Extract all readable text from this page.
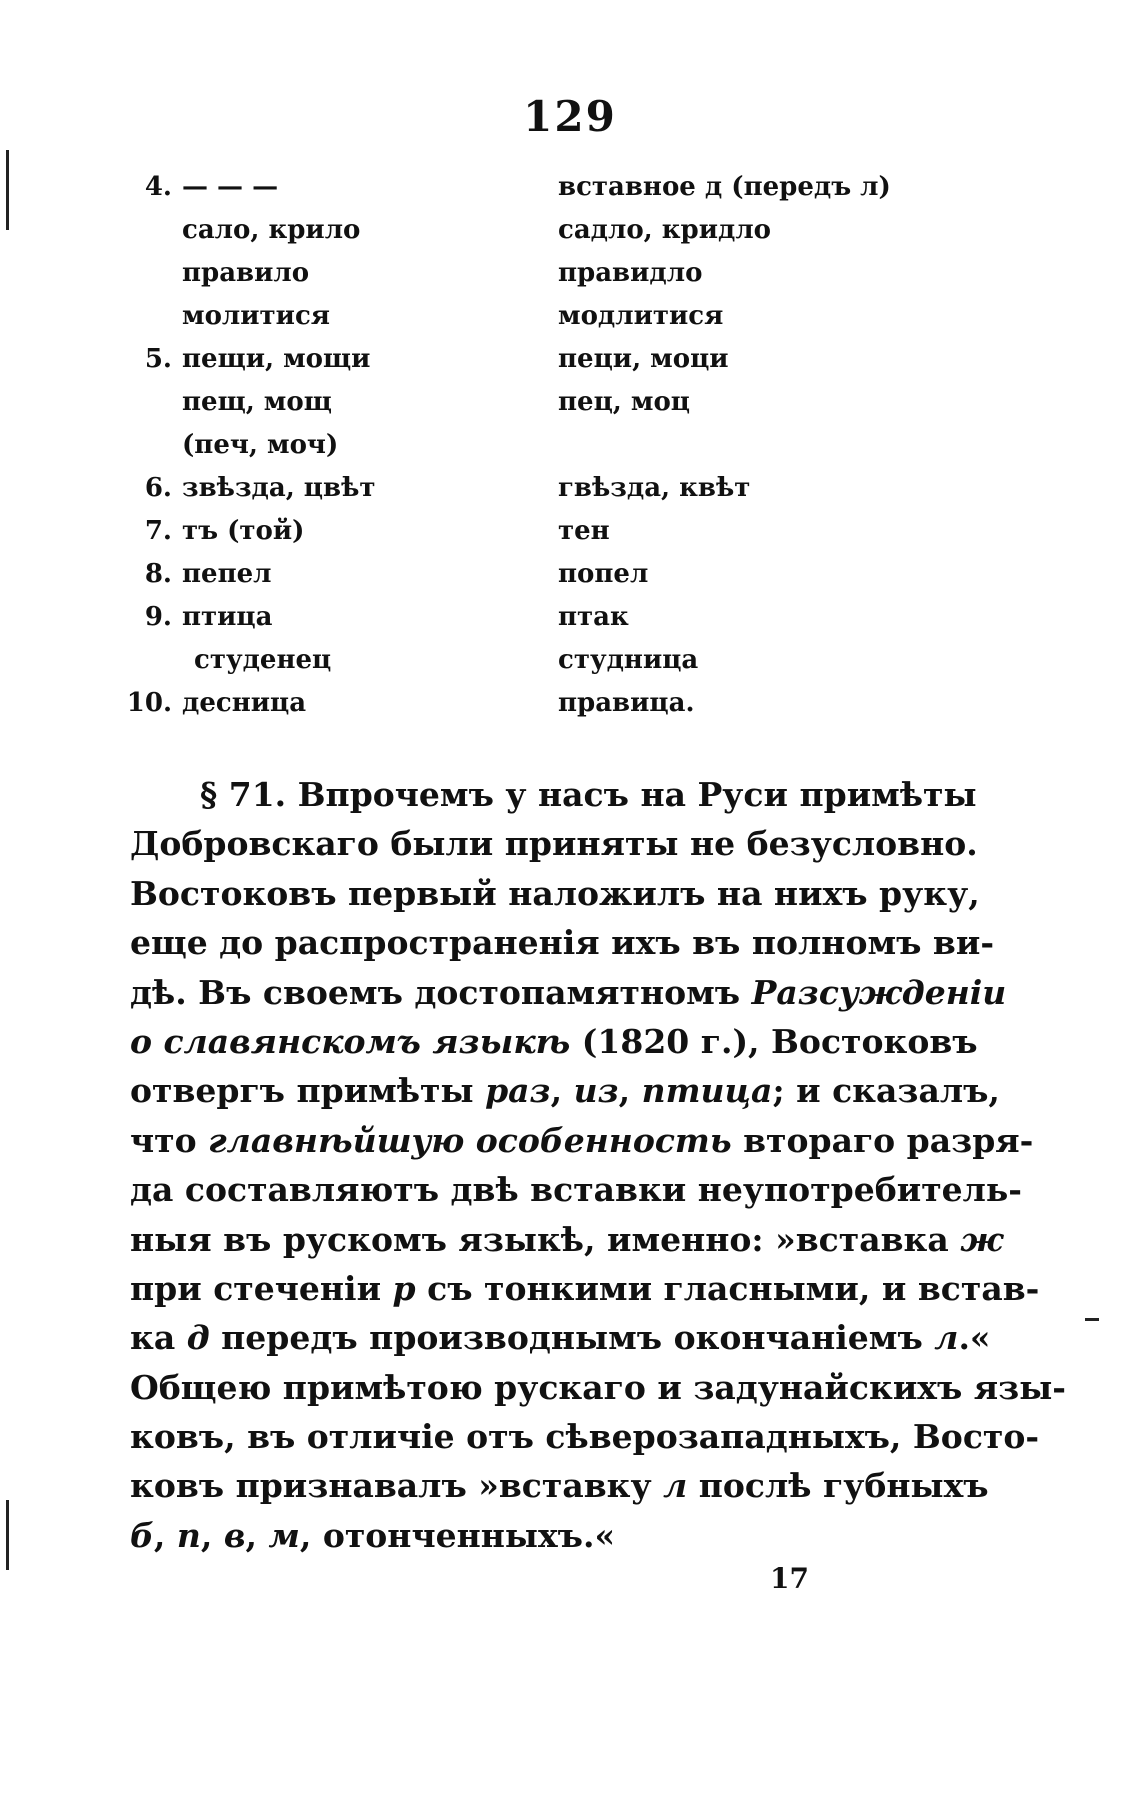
129
4. — — —	вставное д (передъ л)
сало, крило	садло, кридло
правило	правидло
молитися	модлитися
5. пещи, мощи	пеци, моци
пещ, мощ	пец, моц
(печ, моч)
6. звѣзда, цвѣт	гвѣзда, квѣт
7. тъ (той)	тен
8. пепел	попел
9. птица	птак
студенец	студница
10. десница	правица.
§ 71. Впрочемъ у насъ на Руси примѣты
Добровскаго были приняты не безусловно.
Востоковъ первый наложилъ на нихъ руку,
еще до распространенія ихъ въ полномъ ви-
дѣ. Въ своемъ достопамятномъ Разсужденіи
о славянскомъ языкѣ (1820 г.), Востоковъ
отвергъ примѣты раз, из, птица; и сказалъ,
что главнѣйшую особенность втораго разря-
да составляютъ двѣ вставки неупотребитель-
ныя въ рускомъ языкѣ, именно: »вставка ж
при стеченіи р съ тонкими гласными, и встав-
ка д передъ производнымъ окончаніемъ л.«
Общею примѣтою рускаго и задунайскихъ язы-
ковъ, въ отличіе отъ сѣверозападныхъ, Восто-
ковъ признавалъ »вставку л послѣ губныхъ
б, п, в, м, отонченныхъ.«
17
